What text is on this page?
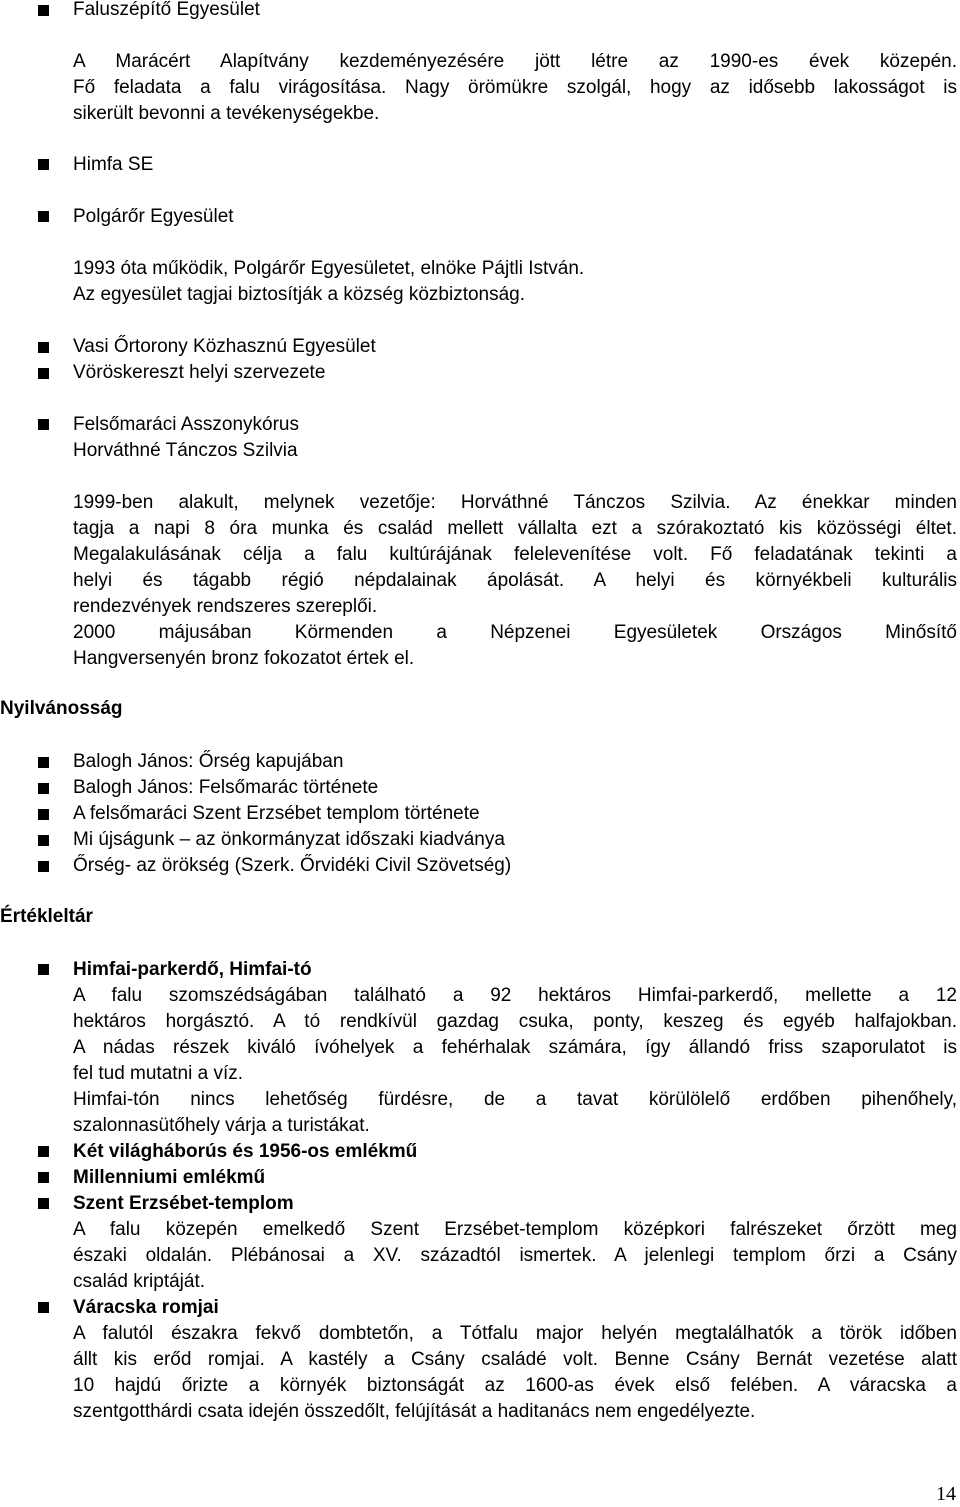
Faluszépítő Egyesület
A Marácért Alapítvány kezdeményezésére jött létre az 1990-es évek közepén.
Fő feladata a falu virágosítása. Nagy örömükre szolgál, hogy az idősebb lakosságot is
sikerült bevonni a tevékenységekbe.
Himfa SE
Polgárőr Egyesület
1993 óta működik, Polgárőr Egyesületet, elnöke Pájtli István.
Az egyesület tagjai biztosítják a község közbiztonság.
Vasi Őrtorony Közhasznú Egyesület
Vöröskereszt helyi szervezete
Felsőmaráci Asszonykórus
Horváthné Tánczos Szilvia
1999-ben alakult, melynek vezetője: Horváthné Tánczos Szilvia. Az énekkar minden
tagja a napi 8 óra munka és család mellett vállalta ezt a szórakoztató kis közösségi éltet.
Megalakulásának célja a falu kultúrájának felelevenítése volt. Fő feladatának tekinti a
helyi és tágabb régió népdalainak ápolását. A helyi és környékbeli kulturális
rendezvények rendszeres szereplői.
2000 májusában Körmenden a Népzenei Egyesületek Országos Minősítő
Hangversenyén bronz fokozatot értek el.
Nyilvánosság
Balogh János: Őrség kapujában
Balogh János: Felsőmarác története
A felsőmaráci Szent Erzsébet templom története
Mi újságunk – az önkormányzat időszaki kiadványa
Őrség- az örökség (Szerk. Őrvidéki Civil Szövetség)
Értékleltár
Himfai-parkerdő, Himfai-tó
A falu szomszédságában található a 92 hektáros Himfai-parkerdő, mellette a 12
hektáros horgásztó. A tó rendkívül gazdag csuka, ponty, keszeg és egyéb halfajokban.
A nádas részek kiváló ívóhelyek a fehérhalak számára, így állandó friss szaporulatot is
fel tud mutatni a víz.
Himfai-tón nincs lehetőség fürdésre, de a tavat körülölelő erdőben pihenőhely,
szalonnasütőhely várja a turistákat.
Két világháborús és 1956-os emlékmű
Millenniumi emlékmű
Szent Erzsébet-templom
A falu közepén emelkedő Szent Erzsébet-templom középkori falrészeket őrzött meg
északi oldalán. Plébánosai a XV. századtól ismertek. A jelenlegi templom őrzi a Csány
család kriptáját.
Váracska romjai
A falutól északra fekvő dombtetőn, a Tótfalu major helyén megtalálhatók a török időben
állt kis erőd romjai. A kastély a Csány családé volt. Benne Csány Bernát vezetése alatt
10 hajdú őrizte a környék biztonságát az 1600-as évek első felében. A váracska a
szentgotthárdi csata idején összedőlt, felújítását a haditanács nem engedélyezte.
14
